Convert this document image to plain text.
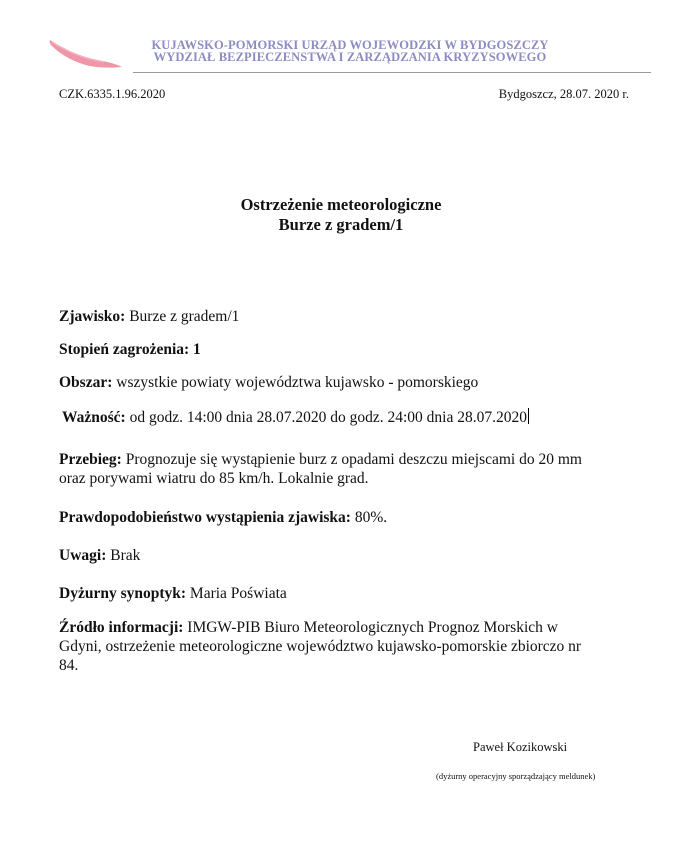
KUJAWSKO-POMORSKI URZĄD WOJEWODZKI W BYDGOSZCZY
WYDZIAŁ BEZPIECZENSTWA I ZARZĄDZANIA KRYZYSOWEGO
CZK.6335.1.96.2020	Bydgoszcz, 28.07. 2020 r.
Ostrzeżenie meteorologiczne
Burze z gradem/1
Zjawisko: Burze z gradem/1
Stopień zagrożenia: 1
Obszar: wszystkie powiaty województwa kujawsko - pomorskiego
Ważność: od godz. 14:00 dnia 28.07.2020 do godz. 24:00 dnia 28.07.2020
Przebieg: Prognozuje się wystąpienie burz z opadami deszczu miejscami do 20 mm
oraz porywami wiatru do 85 km/h. Lokalnie grad.
Prawdopodobieństwo wystąpienia zjawiska: 80%.
Uwagi: Brak
Dyżurny synoptyk: Maria Poświata
Źródło informacji: IMGW-PIB Biuro Meteorologicznych Prognoz Morskich w
Gdyni, ostrzeżenie meteorologiczne województwo kujawsko-pomorskie zbiorczo nr
84.
Paweł Kozikowski
(dyżurny operacyjny sporządzający meldunek)
